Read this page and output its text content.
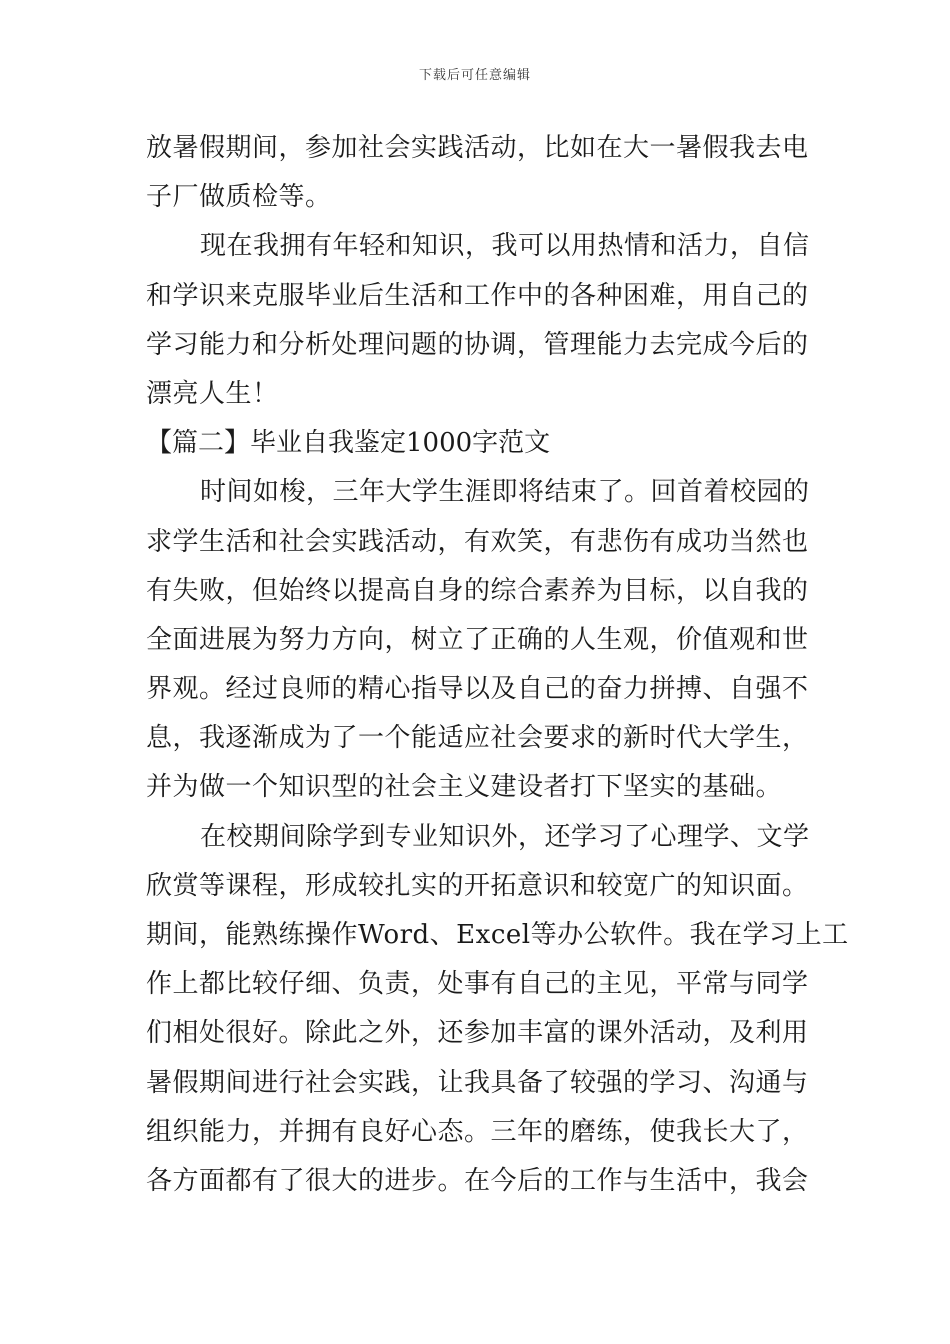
下载后可任意编辑
放暑假期间，参加社会实践活动，比如在大一暑假我去电
子厂做质检等。
现在我拥有年轻和知识，我可以用热情和活力，自信
和学识来克服毕业后生活和工作中的各种困难，用自己的
学习能力和分析处理问题的协调，管理能力去完成今后的
漂亮人生！
【篇二】毕业自我鉴定1000字范文
时间如梭，三年大学生涯即将结束了。回首着校园的
求学生活和社会实践活动，有欢笑，有悲伤有成功当然也
有失败，但始终以提高自身的综合素养为目标，以自我的
全面进展为努力方向，树立了正确的人生观，价值观和世
界观。经过良师的精心指导以及自己的奋力拼搏、自强不
息，我逐渐成为了一个能适应社会要求的新时代大学生，
并为做一个知识型的社会主义建设者打下坚实的基础。
在校期间除学到专业知识外，还学习了心理学、文学
欣赏等课程，形成较扎实的开拓意识和较宽广的知识面。
期间，能熟练操作Word、Excel等办公软件。我在学习上工
作上都比较仔细、负责，处事有自己的主见，平常与同学
们相处很好。除此之外，还参加丰富的课外活动，及利用
暑假期间进行社会实践，让我具备了较强的学习、沟通与
组织能力，并拥有良好心态。三年的磨练，使我长大了，
各方面都有了很大的进步。在今后的工作与生活中，我会
